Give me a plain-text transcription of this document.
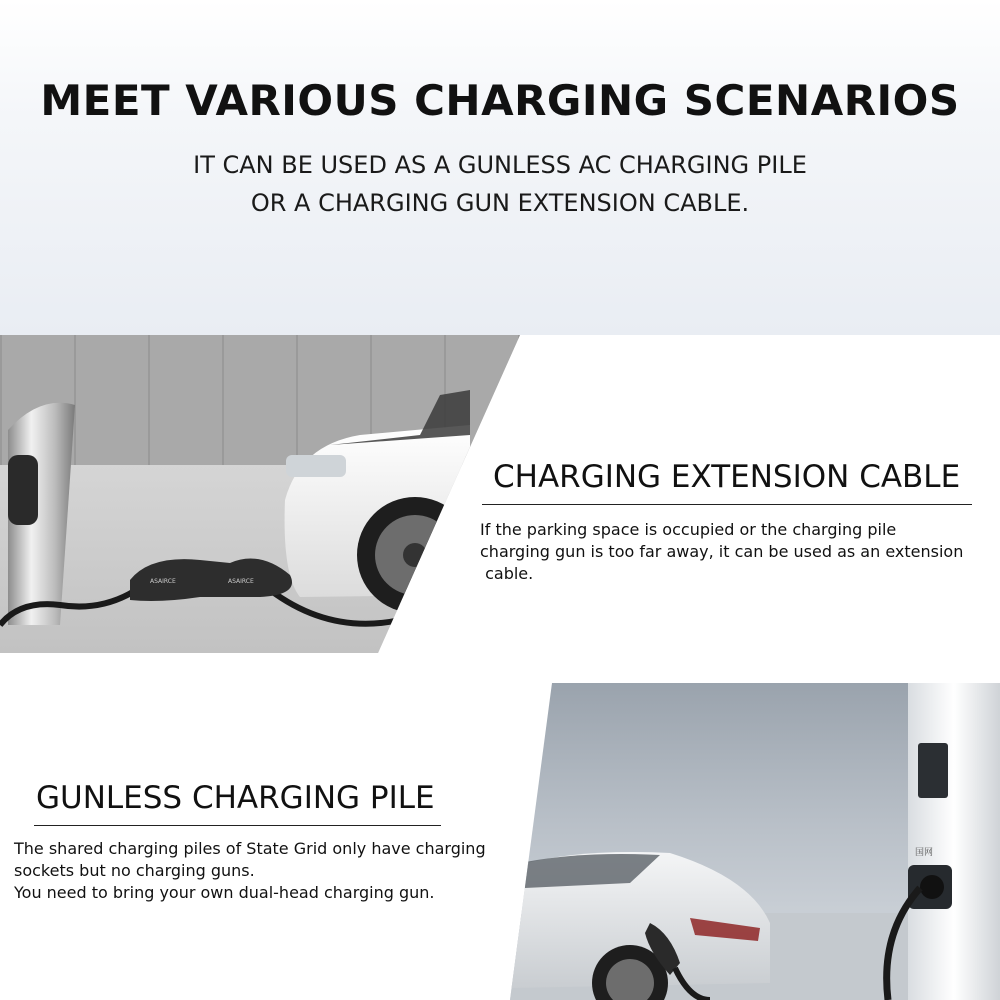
MEET VARIOUS CHARGING SCENARIOS
IT CAN BE USED AS A GUNLESS AC CHARGING PILE
OR A CHARGING GUN EXTENSION CABLE.
ASAIRCE	ASAIRCE
CHARGING EXTENSION CABLE
If the parking space is occupied or the charging pile
charging gun is too far away, it can be used as an extension
cable.
GUNLESS CHARGING PILE
The shared charging piles of State Grid only have charging
sockets but no charging guns.
You need to bring your own dual-head charging gun.
国网
